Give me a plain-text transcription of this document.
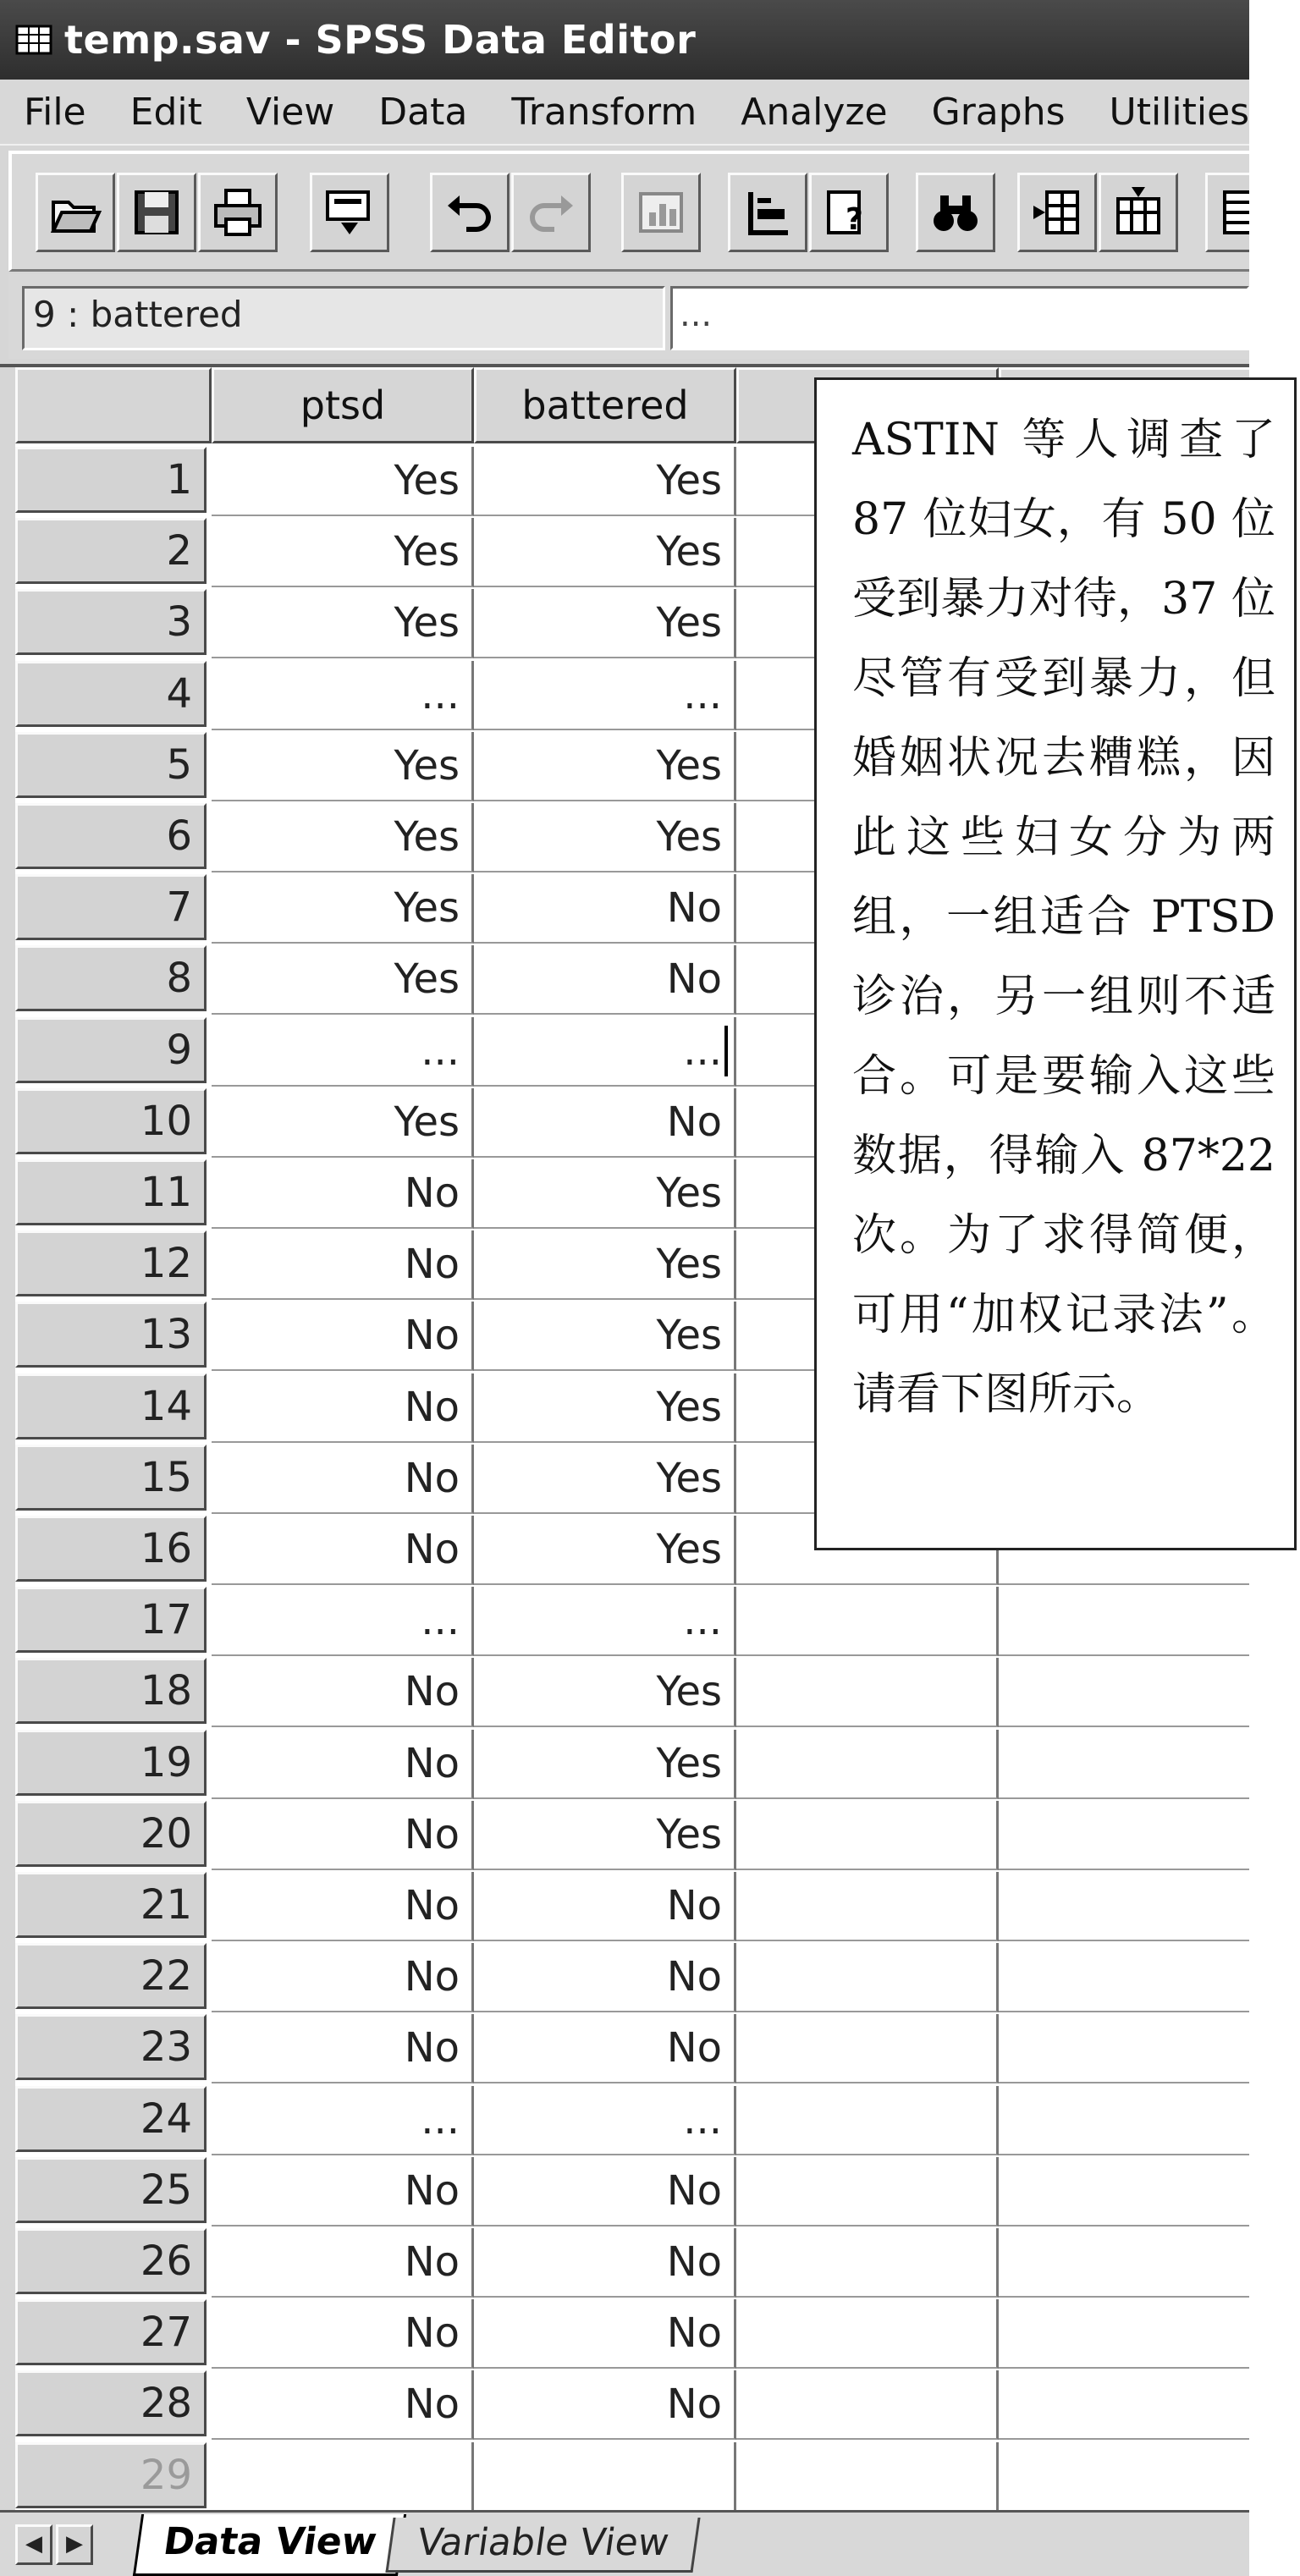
temp.sav - SPSS Data Editor
File	Edit	View	Data	Transform	Analyze	Graphs	Utilities
?
9 : battered	...
ptsd	battered
1	Yes	Yes
2	Yes	Yes
3	Yes	Yes
4	...	...
5	Yes	Yes
6	Yes	Yes
7	Yes	No
8	Yes	No
9	...	...
10	Yes	No
11	No	Yes
12	No	Yes
13	No	Yes
14	No	Yes
15	No	Yes
16	No	Yes
17	...	...
18	No	Yes
19	No	Yes
20	No	Yes
21	No	No
22	No	No
23	No	No
24	...	...
25	No	No
26	No	No
27	No	No
28	No	No
29
◀	▶	Data View Variable View
ASTIN 等人调查了 87 位妇女，有 50 位受到暴力对待，37 位尽管有受到暴力，但婚姻状况去糟糕，因此这些妇女分为两组，一组适合 PTSD 诊治，另一组则不适合。可是要输入这些数据，得输入 87*22 次。为了求得简便，可用“加权记录法”。请看下图所示。
